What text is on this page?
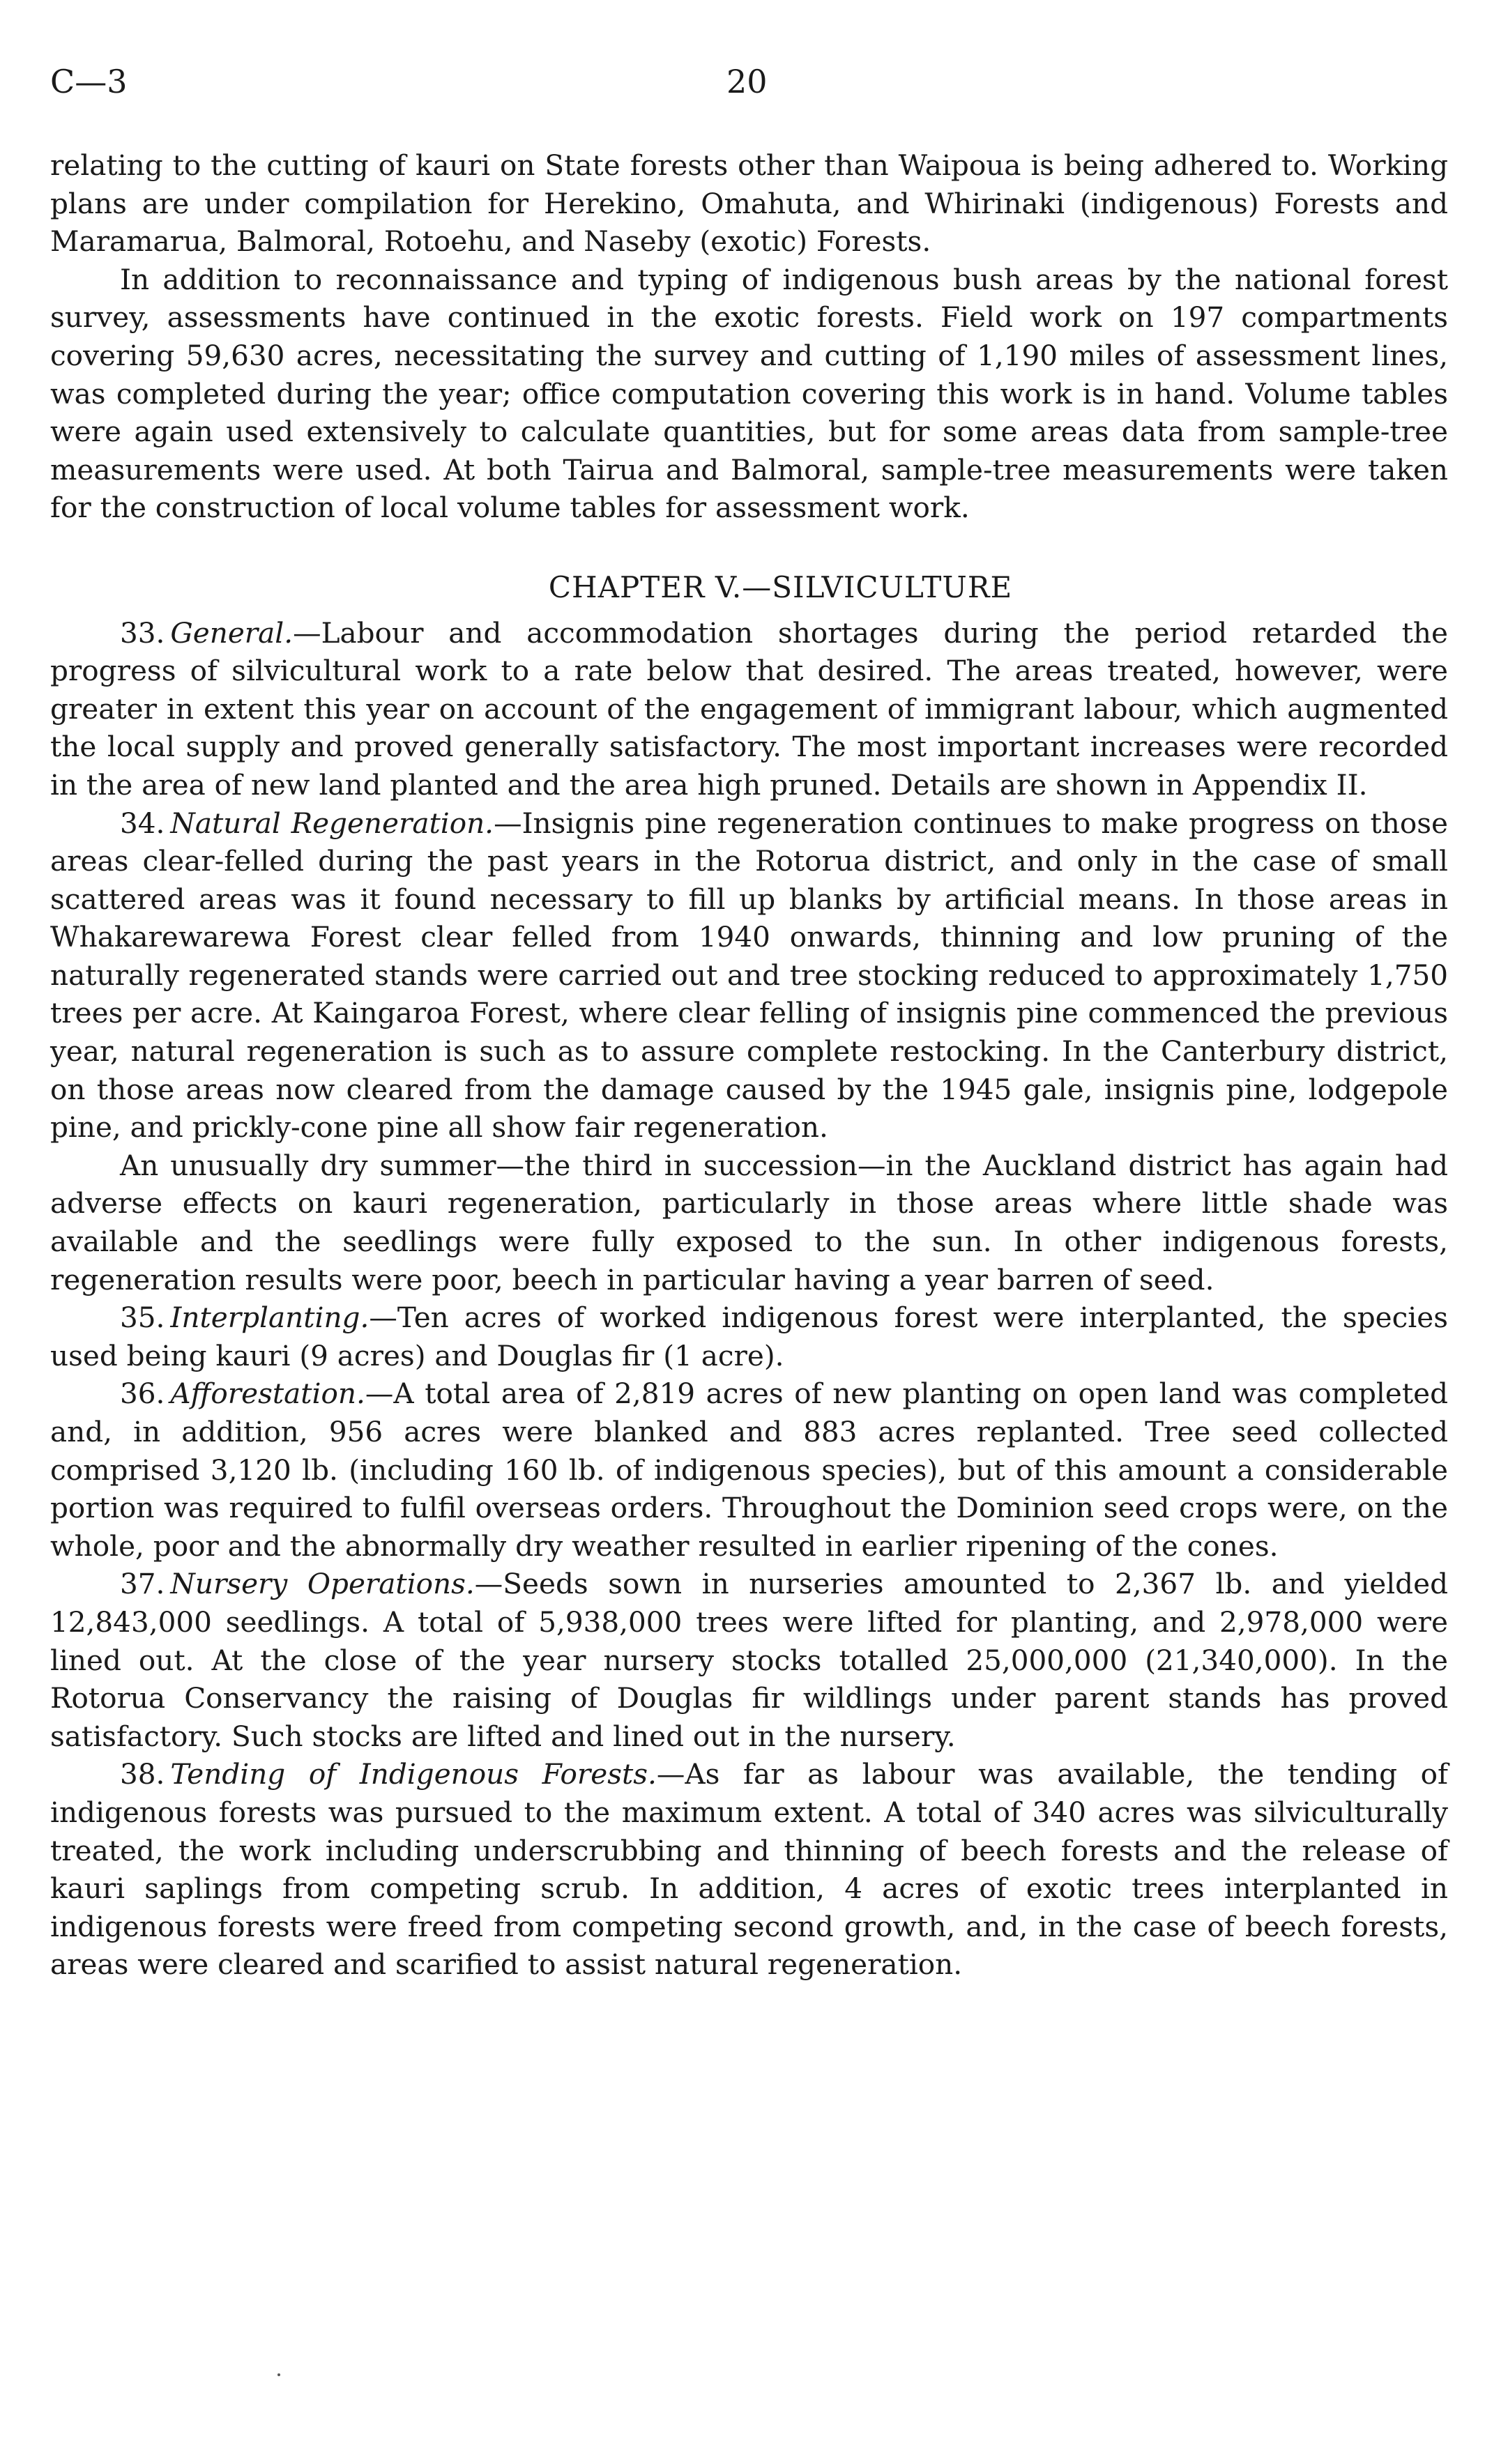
C—3	20

relating to the cutting of kauri on State forests other than Waipoua is being adhered to. Working plans are under compilation for Herekino, Omahuta, and Whirinaki (indigenous) Forests and Maramarua, Balmoral, Rotoehu, and Naseby (exotic) Forests.

In addition to reconnaissance and typing of indigenous bush areas by the national forest survey, assessments have continued in the exotic forests. Field work on 197 compartments covering 59,630 acres, necessitating the survey and cutting of 1,190 miles of assessment lines, was completed during the year; office computation covering this work is in hand. Volume tables were again used extensively to calculate quantities, but for some areas data from sample-tree measurements were used. At both Tairua and Balmoral, sample-tree measurements were taken for the construction of local volume tables for assessment work.

CHAPTER V.—SILVICULTURE

33. General.—Labour and accommodation shortages during the period retarded the progress of silvicultural work to a rate below that desired. The areas treated, however, were greater in extent this year on account of the engagement of immigrant labour, which augmented the local supply and proved generally satisfactory. The most important increases were recorded in the area of new land planted and the area high pruned. Details are shown in Appendix II.

34. Natural Regeneration.—Insignis pine regeneration continues to make progress on those areas clear-felled during the past years in the Rotorua district, and only in the case of small scattered areas was it found necessary to fill up blanks by artificial means. In those areas in Whakarewarewa Forest clear felled from 1940 onwards, thinning and low pruning of the naturally regenerated stands were carried out and tree stocking reduced to approximately 1,750 trees per acre. At Kaingaroa Forest, where clear felling of insignis pine commenced the previous year, natural regeneration is such as to assure complete restocking. In the Canterbury district, on those areas now cleared from the damage caused by the 1945 gale, insignis pine, lodgepole pine, and prickly-cone pine all show fair regeneration.

An unusually dry summer—the third in succession—in the Auckland district has again had adverse effects on kauri regeneration, particularly in those areas where little shade was available and the seedlings were fully exposed to the sun. In other indigenous forests, regeneration results were poor, beech in particular having a year barren of seed.

35. Interplanting.—Ten acres of worked indigenous forest were interplanted, the species used being kauri (9 acres) and Douglas fir (1 acre).

36. Afforestation.—A total area of 2,819 acres of new planting on open land was completed and, in addition, 956 acres were blanked and 883 acres replanted. Tree seed collected comprised 3,120 lb. (including 160 lb. of indigenous species), but of this amount a considerable portion was required to fulfil overseas orders. Throughout the Dominion seed crops were, on the whole, poor and the abnormally dry weather resulted in earlier ripening of the cones.

37. Nursery Operations.—Seeds sown in nurseries amounted to 2,367 lb. and yielded 12,843,000 seedlings. A total of 5,938,000 trees were lifted for planting, and 2,978,000 were lined out. At the close of the year nursery stocks totalled 25,000,000 (21,340,000). In the Rotorua Conservancy the raising of Douglas fir wildlings under parent stands has proved satisfactory. Such stocks are lifted and lined out in the nursery.

38. Tending of Indigenous Forests.—As far as labour was available, the tending of indigenous forests was pursued to the maximum extent. A total of 340 acres was silviculturally treated, the work including underscrubbing and thinning of beech forests and the release of kauri saplings from competing scrub. In addition, 4 acres of exotic trees interplanted in indigenous forests were freed from competing second growth, and, in the case of beech forests, areas were cleared and scarified to assist natural regeneration.
